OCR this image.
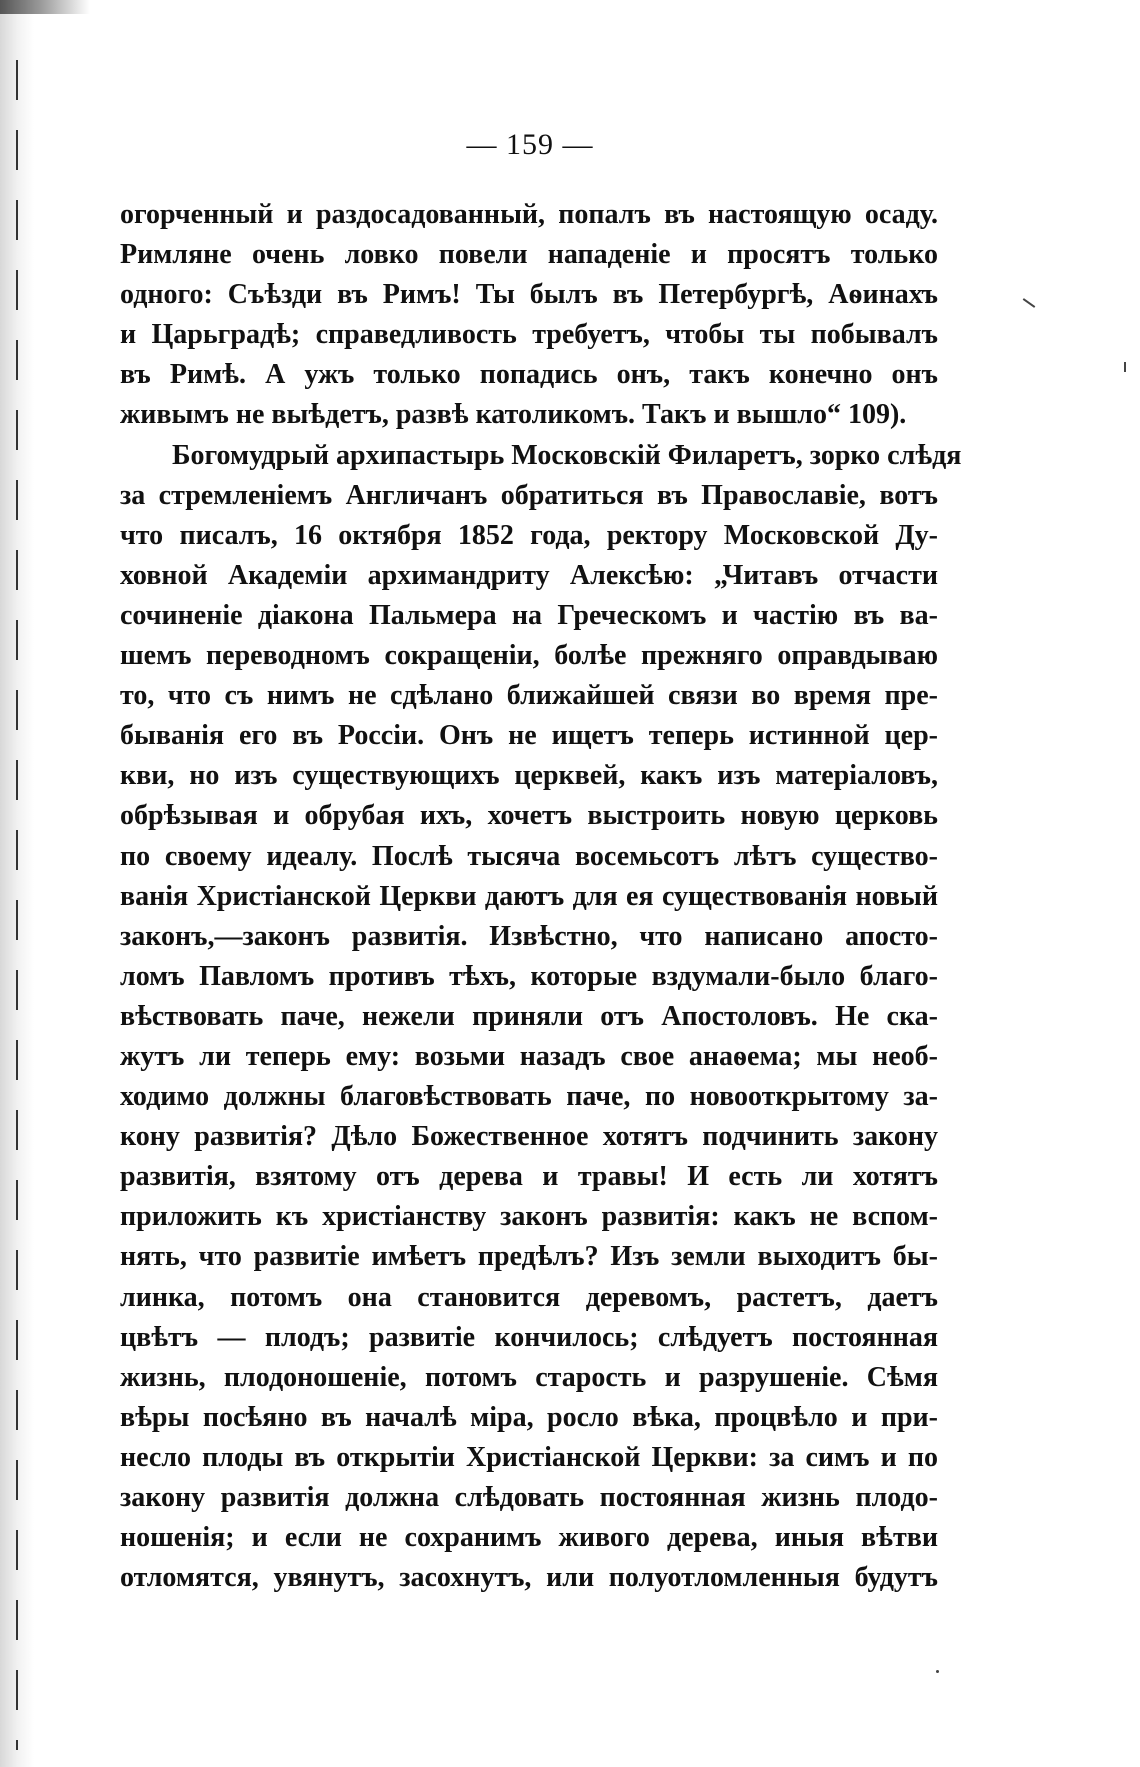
— 159 —
огорченный и раздосадованный, попалъ въ настоящую осаду.
Римляне очень ловко повели нападенiе и просятъ только
одного: Съѣзди въ Римъ! Ты былъ въ Петербургѣ, Аѳинахъ
и Царьградѣ; справедливость требуетъ, чтобы ты побывалъ
въ Римѣ. А ужъ только попадись онъ, такъ конечно онъ
живымъ не выѣдетъ, развѣ католикомъ. Такъ и вышло“ 109).
Богомудрый архипастырь Московскiй Филаретъ, зорко слѣдя
за стремленiемъ Англичанъ обратиться въ Православiе, вотъ
что писалъ, 16 октября 1852 года, ректору Московской Ду-
ховной Академiи архимандриту Алексѣю: „Читавъ отчасти
сочиненiе дiакона Пальмера на Греческомъ и частiю въ ва-
шемъ переводномъ сокращенiи, болѣе прежняго оправдываю
то, что съ нимъ не сдѣлано ближайшей связи во время пре-
быванiя его въ Россiи. Онъ не ищетъ теперь истинной цер-
кви, но изъ существующихъ церквей, какъ изъ матерiаловъ,
обрѣзывая и обрубая ихъ, хочетъ выстроить новую церковь
по своему идеалу. Послѣ тысяча восемьсотъ лѣтъ существо-
ванiя Христiанской Церкви даютъ для ея существованiя новый
законъ,—законъ развитiя. Извѣстно, что написано апосто-
ломъ Павломъ противъ тѣхъ, которые вздумали-было благо-
вѣствовать паче, нежели приняли отъ Апостоловъ. Не ска-
жутъ ли теперь ему: возьми назадъ свое анаѳема; мы необ-
ходимо должны благовѣствовать паче, по новооткрытому за-
кону развитiя? Дѣло Божественное хотятъ подчинить закону
развитiя, взятому отъ дерева и травы! И есть ли хотятъ
приложить къ христiанству законъ развитiя: какъ не вспом-
нять, что развитiе имѣетъ предѣлъ? Изъ земли выходитъ бы-
линка, потомъ она становится деревомъ, растетъ, даетъ
цвѣтъ — плодъ; развитiе кончилось; слѣдуетъ постоянная
жизнь, плодоношенiе, потомъ старость и разрушенiе. Сѣмя
вѣры посѣяно въ началѣ мiра, росло вѣка, процвѣло и при-
несло плоды въ открытiи Христiанской Церкви: за симъ и по
закону развитiя должна слѣдовать постоянная жизнь плодо-
ношенiя; и если не сохранимъ живого дерева, иныя вѣтви
отломятся, увянутъ, засохнутъ, или полуотломленныя будутъ
